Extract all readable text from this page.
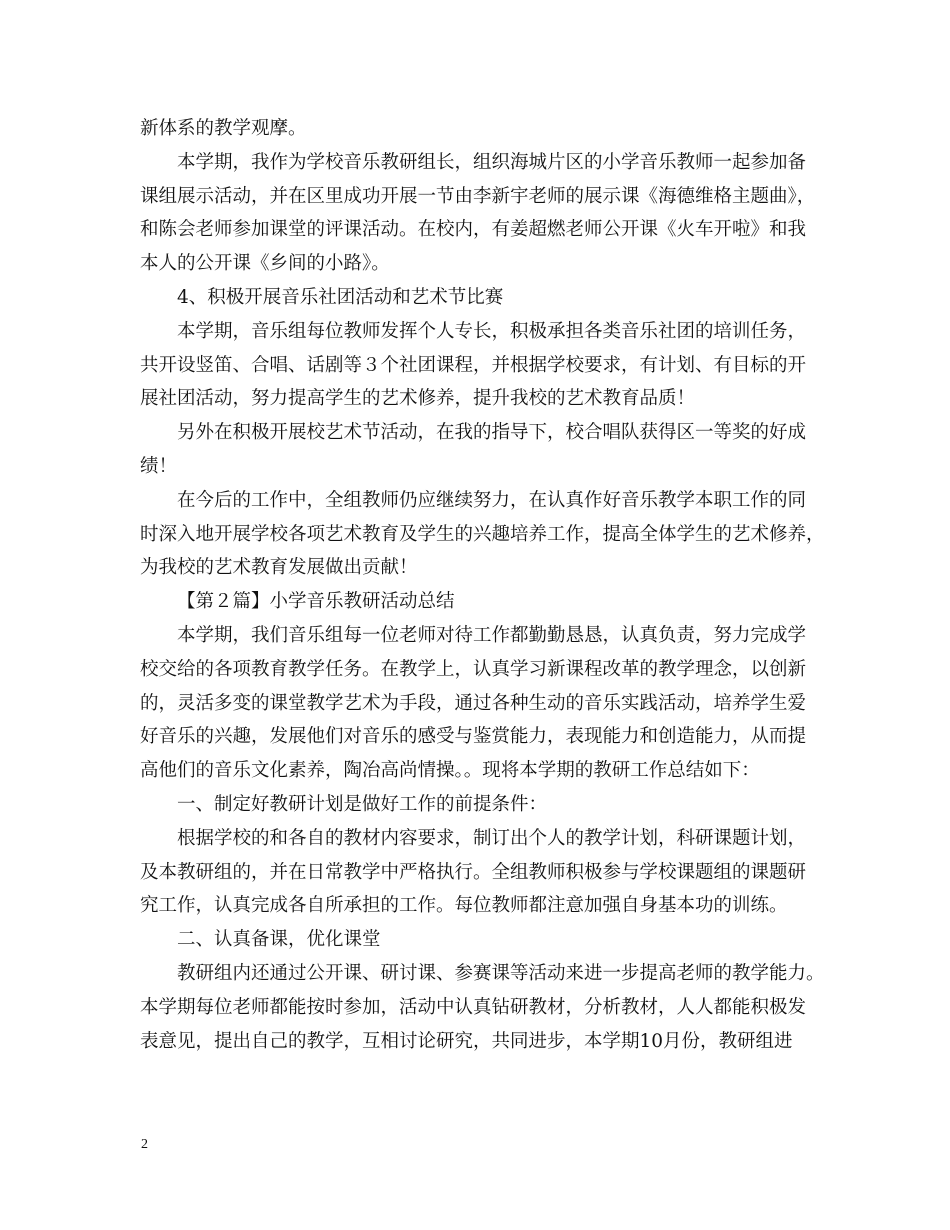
新体系的教学观摩。
本学期，我作为学校音乐教研组长，组织海城片区的小学音乐教师一起参加备
课组展示活动，并在区里成功开展一节由李新宇老师的展示课《海德维格主题曲》，
和陈会老师参加课堂的评课活动。在校内，有姜超燃老师公开课《火车开啦》和我
本人的公开课《乡间的小路》。
4、积极开展音乐社团活动和艺术节比赛
本学期，音乐组每位教师发挥个人专长，积极承担各类音乐社团的培训任务，
共开设竖笛、合唱、话剧等３个社团课程，并根据学校要求，有计划、有目标的开
展社团活动，努力提高学生的艺术修养，提升我校的艺术教育品质！
另外在积极开展校艺术节活动，在我的指导下，校合唱队获得区一等奖的好成
绩！
在今后的工作中，全组教师仍应继续努力，在认真作好音乐教学本职工作的同
时深入地开展学校各项艺术教育及学生的兴趣培养工作，提高全体学生的艺术修养，
为我校的艺术教育发展做出贡献！
【第２篇】小学音乐教研活动总结
本学期，我们音乐组每一位老师对待工作都勤勤恳恳，认真负责，努力完成学
校交给的各项教育教学任务。在教学上，认真学习新课程改革的教学理念，以创新
的，灵活多变的课堂教学艺术为手段，通过各种生动的音乐实践活动，培养学生爱
好音乐的兴趣，发展他们对音乐的感受与鉴赏能力，表现能力和创造能力，从而提
高他们的音乐文化素养，陶冶高尚情操。。现将本学期的教研工作总结如下：
一、制定好教研计划是做好工作的前提条件：
根据学校的和各自的教材内容要求，制订出个人的教学计划，科研课题计划，
及本教研组的，并在日常教学中严格执行。全组教师积极参与学校课题组的课题研
究工作，认真完成各自所承担的工作。每位教师都注意加强自身基本功的训练。
二、认真备课，优化课堂
教研组内还通过公开课、研讨课、参赛课等活动来进一步提高老师的教学能力。
本学期每位老师都能按时参加，活动中认真钻研教材，分析教材，人人都能积极发
表意见，提出自己的教学，互相讨论研究，共同进步，本学期10月份，教研组进
2
